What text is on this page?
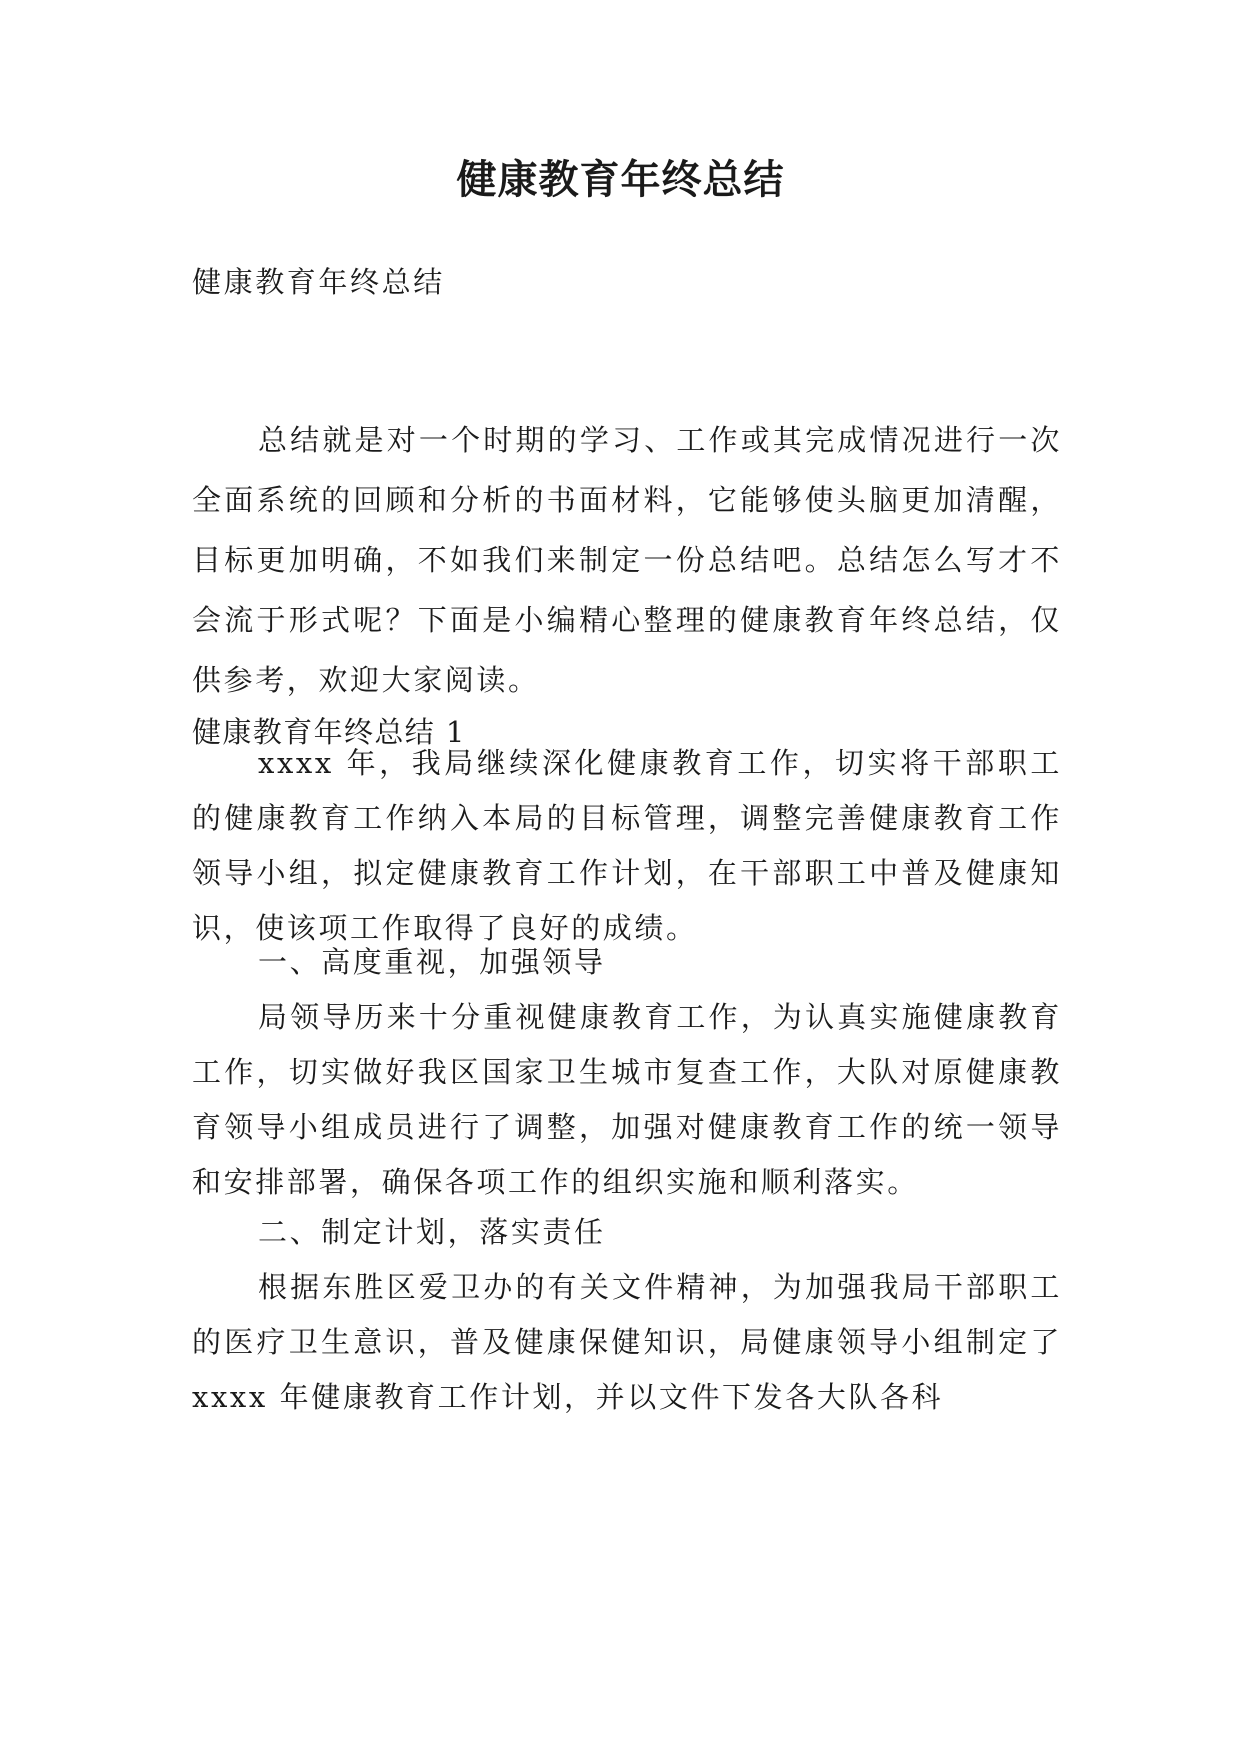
健康教育年终总结

健康教育年终总结

总结就是对一个时期的学习、工作或其完成情况进行一次全面系统的回顾和分析的书面材料，它能够使头脑更加清醒，目标更加明确，不如我们来制定一份总结吧。总结怎么写才不会流于形式呢？下面是小编精心整理的健康教育年终总结，仅供参考，欢迎大家阅读。

健康教育年终总结 1

xxxx 年，我局继续深化健康教育工作，切实将干部职工的健康教育工作纳入本局的目标管理，调整完善健康教育工作领导小组，拟定健康教育工作计划，在干部职工中普及健康知识，使该项工作取得了良好的成绩。

一、高度重视，加强领导

局领导历来十分重视健康教育工作，为认真实施健康教育工作，切实做好我区国家卫生城市复查工作，大队对原健康教育领导小组成员进行了调整，加强对健康教育工作的统一领导和安排部署，确保各项工作的组织实施和顺利落实。

二、制定计划，落实责任

根据东胜区爱卫办的有关文件精神，为加强我局干部职工的医疗卫生意识，普及健康保健知识，局健康领导小组制定了 xxxx 年健康教育工作计划，并以文件下发各大队各科
